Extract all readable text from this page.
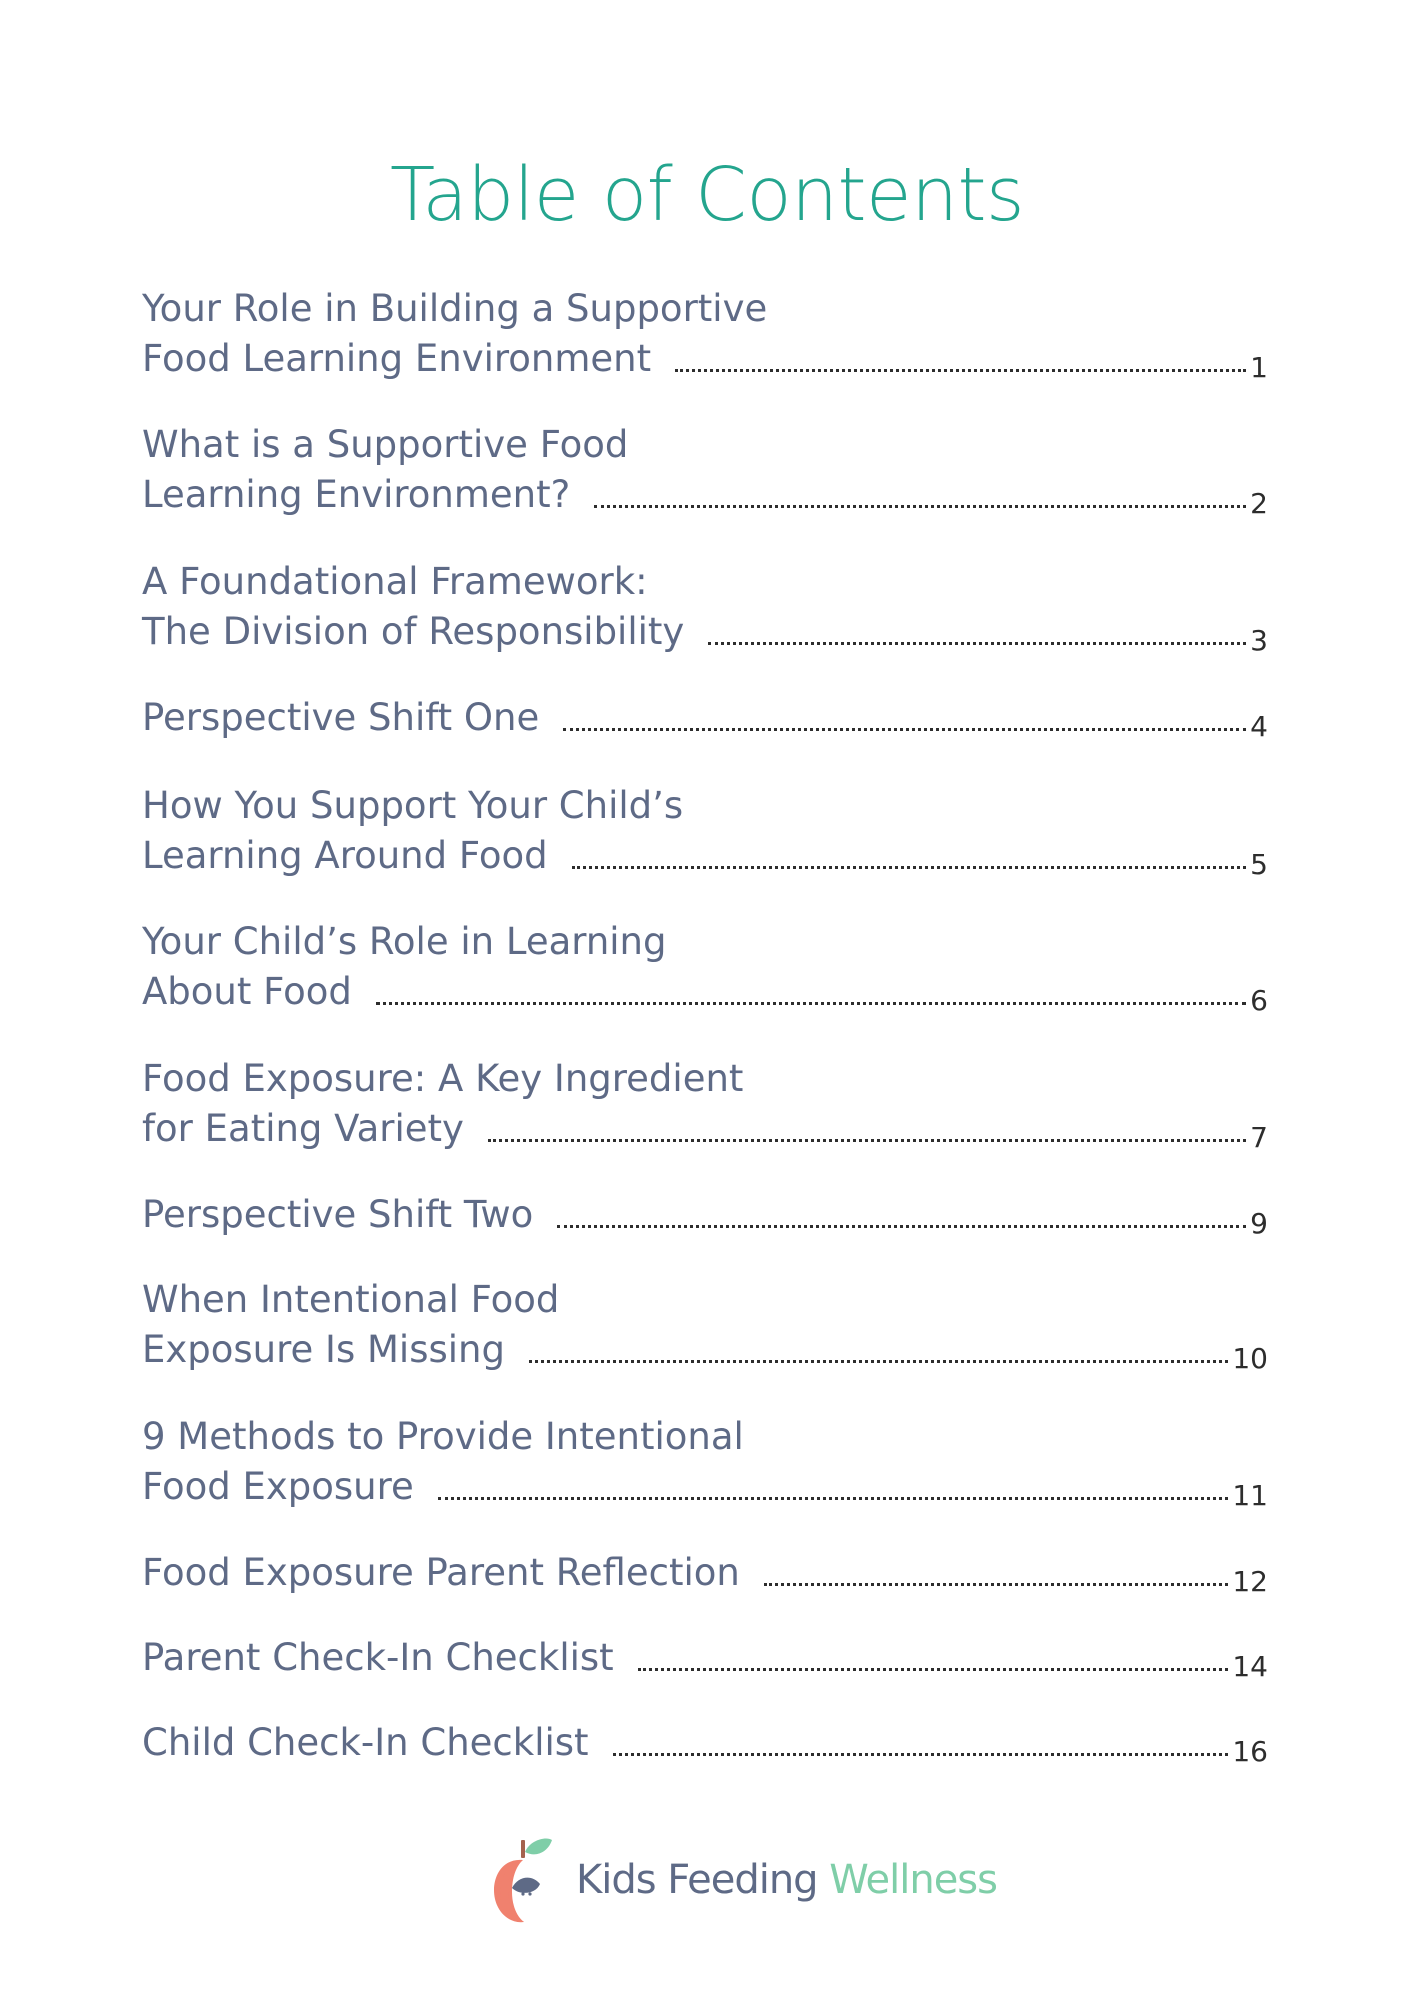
Table of Contents
Your Role in Building a Supportive
Food Learning Environment	1
What is a Supportive Food
Learning Environment?	2
A Foundational Framework:
The Division of Responsibility	3
Perspective Shift One	4
How You Support Your Child’s
Learning Around Food	5
Your Child’s Role in Learning
About Food	6
Food Exposure: A Key Ingredient
for Eating Variety	7
Perspective Shift Two	9
When Intentional Food
Exposure Is Missing	10
9 Methods to Provide Intentional
Food Exposure	11
Food Exposure Parent Reflection	12
Parent Check-In Checklist	14
Child Check-In Checklist	16
Kids Feeding Wellness
